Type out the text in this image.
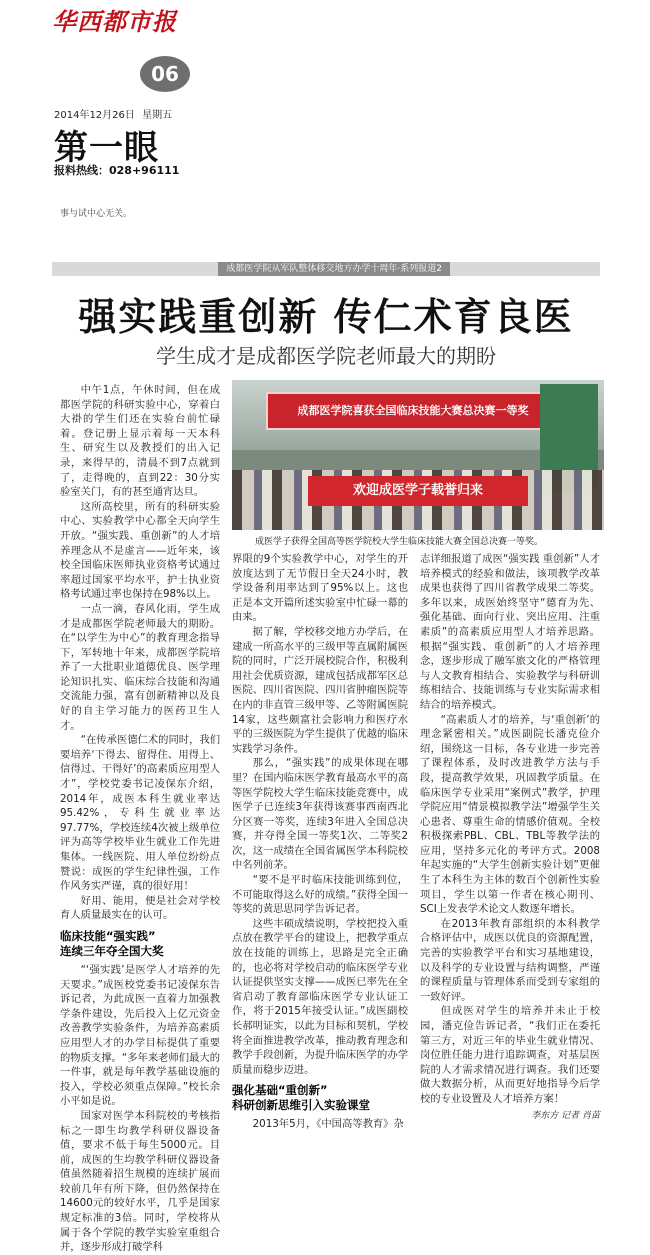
华西都市报
06
2014年12月26日 星期五
第一眼
报料热线：028+96111
事与试中心无关。
成都医学院从军队整体移交地方办学十周年·系列报道2
强实践重创新 传仁术育良医
学生成才是成都医学院老师最大的期盼
成都医学院喜获全国临床技能大赛总决赛一等奖
欢迎成医学子载誉归来
成医学子获得全国高等医学院校大学生临床技能大赛全国总决赛一等奖。

中午1点，午休时间，但在成都医学院的科研实验中心，穿着白大褂的学生们还在实验台前忙碌着。登记册上显示着每一天本科生、研究生以及教授们的出入记录，来得早的，清晨不到7点就到了，走得晚的，直到22：30分实验室关门，有的甚至通宵达旦。

这所高校里，所有的科研实验中心、实验教学中心都全天向学生开放。“强实践、重创新”的人才培养理念从不是虚言——近年来，该校全国临床医师执业资格考试通过率超过国家平均水平，护士执业资格考试通过率也保持在98%以上。

一点一滴，春风化雨，学生成才是成都医学院老师最大的期盼。在“以学生为中心”的教育理念指导下，军转地十年来，成都医学院培养了一大批职业道德优良、医学理论知识扎实、临床综合技能和沟通交流能力强，富有创新精神以及良好的自主学习能力的医药卫生人才。

“在传承医德仁术的同时，我们要培养‘下得去、留得住、用得上、信得过、干得好’的高素质应用型人才”，学校党委书记凌保东介绍，2014年，成医本科生就业率达95.42%，专科生就业率达97.77%，学校连续4次被上级单位评为高等学校毕业生就业工作先进集体。一线医院、用人单位纷纷点赞说：成医的学生纪律性强，工作作风务实严谨，真的很好用！

好用、能用，便是社会对学校育人质量最实在的认可。

临床技能“强实践”
连续三年夺全国大奖

“‘强实践’是医学人才培养的先天要求。”成医校党委书记凌保东告诉记者，为此成医一直着力加强教学条件建设，先后投入上亿元资金改善教学实验条件，为培养高素质应用型人才的办学目标提供了重要的物质支撑。“多年来老师们最大的一件事，就是每年教学基础设施的投入，学校必须重点保障。”校长余小平如是说。

国家对医学本科院校的考核指标之一即生均教学科研仪器设备值，要求不低于每生5000元。目前，成医的生均教学科研仪器设备值虽然随着招生规模的连续扩展而较前几年有所下降，但仍然保持在14600元的较好水平，几乎是国家规定标准的3倍。同时，学校将从属于各个学院的教学实验室重组合并，逐步形成打破学科

界限的9个实验教学中心，对学生的开放度达到了无节假日全天24小时，教学设备利用率达到了95%以上。这也正是本文开篇所述实验室中忙碌一幕的由来。

据了解，学校移交地方办学后，在建成一所高水平的三级甲等直属附属医院的同时，广泛开展校院合作，积极利用社会优质资源，建成包括成都军区总医院、四川省医院、四川省肿瘤医院等在内的非直管三级甲等、乙等附属医院14家，这些颇富社会影响力和医疗水平的三级医院为学生提供了优越的临床实践学习条件。

那么，“强实践”的成果体现在哪里？在国内临床医学教育最高水平的高等医学院校大学生临床技能竞赛中，成医学子已连续3年获得该赛事西南西北分区赛一等奖，连续3年进入全国总决赛，并夺得全国一等奖1次、二等奖2次，这一成绩在全国省属医学本科院校中名列前茅。

“要不是平时临床技能训练到位，不可能取得这么好的成绩。”获得全国一等奖的黄思思同学告诉记者。

这些丰硕成绩说明，学校把投入重点放在教学平台的建设上，把教学重点放在技能的训练上，思路是完全正确的，也必将对学校启动的临床医学专业认证提供坚实支撑——成医已率先在全省启动了教育部临床医学专业认证工作，将于2015年接受认证。”成医副校长郝明证实，以此为目标和契机，学校将全面推进教学改革，推动教育理念和教学手段创新，为提升临床医学的办学质量而稳步迈进。

强化基础“重创新”
科研创新思维引入实验课堂

2013年5月，《中国高等教育》杂

志详细报道了成医“强实践 重创新”人才培养模式的经验和做法，该项教学改革成果也获得了四川省教学成果二等奖。多年以来，成医始终坚守“德育为先、强化基础、面向行业、突出应用、注重素质”的高素质应用型人才培养思路。根据“强实践、重创新”的人才培养理念，逐步形成了融军旅文化的严格管理与人文教育相结合、实验教学与科研训练相结合、技能训练与专业实际需求相结合的培养模式。

“高素质人才的培养，与‘重创新’的理念紧密相关。”成医副院长潘克俭介绍，围绕这一目标，各专业进一步完善了课程体系，及时改进教学方法与手段，提高教学效果，巩固教学质量。在临床医学专业采用“案例式”教学，护理学院应用“情景模拟教学法”增强学生关心患者、尊重生命的情感价值观。全校积极探索PBL、CBL、TBL等教学法的应用，坚持多元化的考评方式。2008年起实施的“大学生创新实验计划”更催生了本科生为主体的数百个创新性实验项目，学生以第一作者在核心期刊、SCI上发表学术论文人数逐年增长。

在2013年教育部组织的本科教学合格评估中，成医以优良的资源配置，完善的实验教学平台和实习基地建设，以及科学的专业设置与结构调整，严谨的课程质量与管理体系而受到专家组的一致好评。

但成医对学生的培养并未止于校园，潘克俭告诉记者，“我们正在委托第三方，对近三年的毕业生就业情况、岗位胜任能力进行追踪调查，对基层医院的人才需求情况进行调查。我们还要做大数据分析，从而更好地指导今后学校的专业设置及人才培养方案！

李东方 记者 肖苗
